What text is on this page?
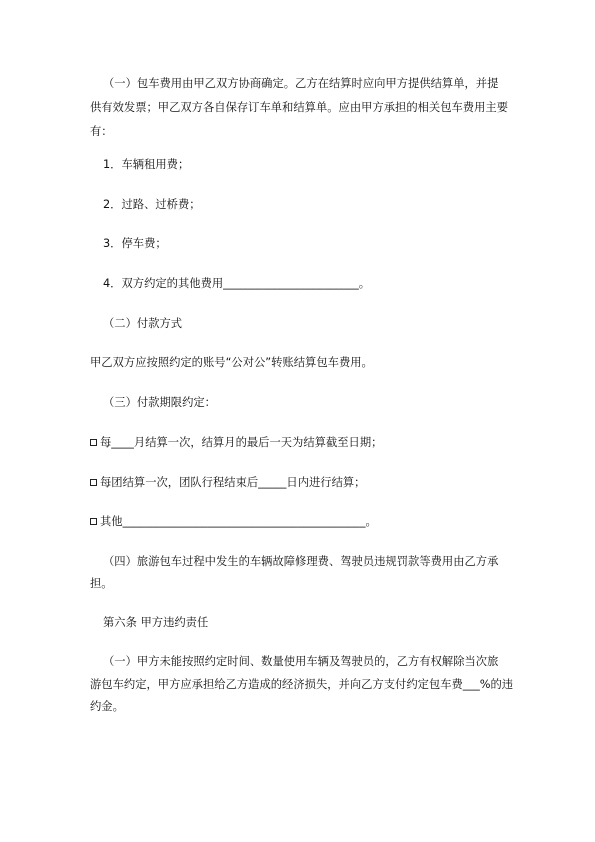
（一）包车费用由甲乙双方协商确定。乙方在结算时应向甲方提供结算单，并提
供有效发票；甲乙双方各自保存订车单和结算单。应由甲方承担的相关包车费用主要
有：
1．车辆租用费；
2．过路、过桥费；
3．停车费；
4．双方约定的其他费用________________________。
（二）付款方式
甲乙双方应按照约定的账号“公对公”转账结算包车费用。
（三）付款期限约定：
每____月结算一次，结算月的最后一天为结算截至日期；
每团结算一次，团队行程结束后_____日内进行结算；
其他___________________________________________。
（四）旅游包车过程中发生的车辆故障修理费、驾驶员违规罚款等费用由乙方承
担。
第六条 甲方违约责任
（一）甲方未能按照约定时间、数量使用车辆及驾驶员的，乙方有权解除当次旅
游包车约定，甲方应承担给乙方造成的经济损失，并向乙方支付约定包车费___%的违
约金。
